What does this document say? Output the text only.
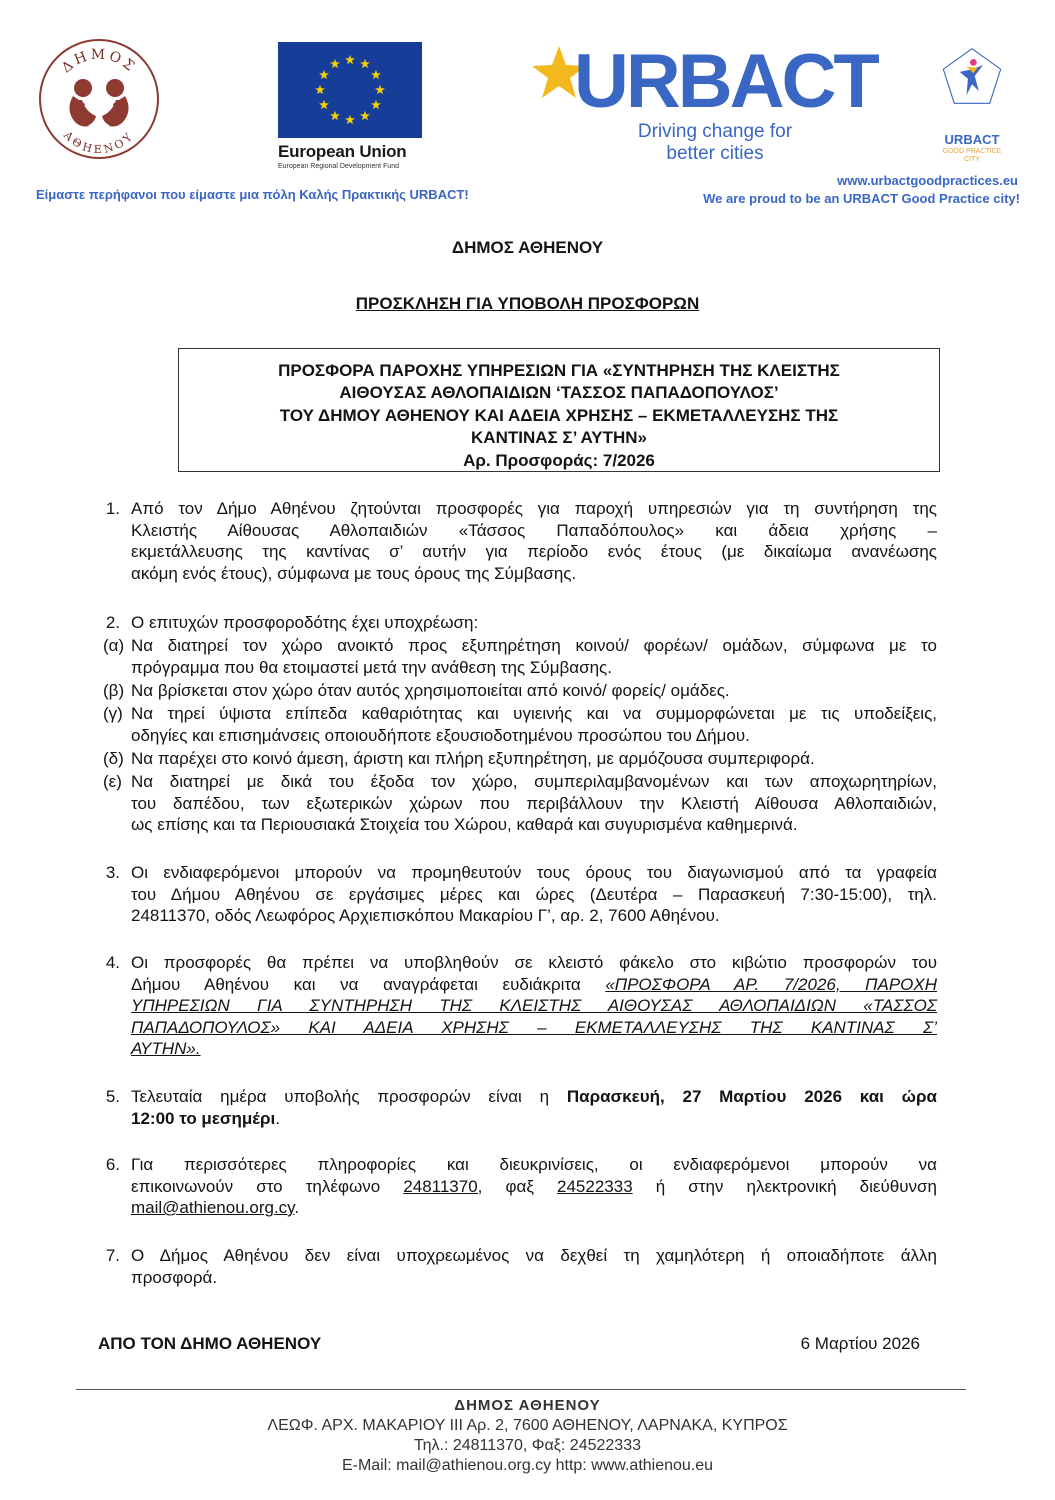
ΔΗΜΟΣ
ΑΘΗΕΝΟΥ
European Union
European Regional Development Fund
URBACT
Driving change for
better cities
URBACT
GOOD PRACTICE
CITY
www.urbactgoodpractices.eu
We are proud to be an URBACT Good Practice city!
Είμαστε περήφανοι που είμαστε μια πόλη Καλής Πρακτικής URBACT!
ΔΗΜΟΣ ΑΘΗΕΝΟΥ
ΠΡΟΣΚΛΗΣΗ ΓΙΑ ΥΠΟΒΟΛΗ ΠΡΟΣΦΟΡΩΝ
ΠΡΟΣΦΟΡΑ ΠΑΡΟΧΗΣ ΥΠΗΡΕΣΙΩΝ ΓΙΑ «ΣΥΝΤΗΡΗΣΗ ΤΗΣ ΚΛΕΙΣΤΗΣ
ΑΙΘΟΥΣΑΣ ΑΘΛΟΠΑΙΔΙΩΝ ‘ΤΑΣΣΟΣ ΠΑΠΑΔΟΠΟΥΛΟΣ’
ΤΟΥ ΔΗΜΟΥ ΑΘΗΕΝΟΥ ΚΑΙ ΑΔΕΙΑ ΧΡΗΣΗΣ – ΕΚΜΕΤΑΛΛΕΥΣΗΣ ΤΗΣ
ΚΑΝΤΙΝΑΣ Σ’ ΑΥΤΗΝ»
Αρ. Προσφοράς: 7/2026
1. Από τον Δήμο Αθηένου ζητούνται προσφορές για παροχή υπηρεσιών για τη συντήρηση της
Κλειστής Αίθουσας Αθλοπαιδιών «Τάσσος Παπαδόπουλος» και άδεια χρήσης –
εκμετάλλευσης της καντίνας σ’ αυτήν για περίοδο ενός έτους (με δικαίωμα ανανέωσης
ακόμη ενός έτους), σύμφωνα με τους όρους της Σύμβασης.
2. Ο επιτυχών προσφοροδότης έχει υποχρέωση:
(α) Να διατηρεί τον χώρο ανοικτό προς εξυπηρέτηση κοινού/ φορέων/ ομάδων, σύμφωνα με το
πρόγραμμα που θα ετοιμαστεί μετά την ανάθεση της Σύμβασης.
(β) Να βρίσκεται στον χώρο όταν αυτός χρησιμοποιείται από κοινό/ φορείς/ ομάδες.
(γ) Να τηρεί ύψιστα επίπεδα καθαριότητας και υγιεινής και να συμμορφώνεται με τις υποδείξεις,
οδηγίες και επισημάνσεις οποιουδήποτε εξουσιοδοτημένου προσώπου του Δήμου.
(δ) Να παρέχει στο κοινό άμεση, άριστη και πλήρη εξυπηρέτηση, με αρμόζουσα συμπεριφορά.
(ε) Να διατηρεί με δικά του έξοδα τον χώρο, συμπεριλαμβανομένων και των αποχωρητηρίων,
του δαπέδου, των εξωτερικών χώρων που περιβάλλουν την Κλειστή Αίθουσα Αθλοπαιδιών,
ως επίσης και τα Περιουσιακά Στοιχεία του Χώρου, καθαρά και συγυρισμένα καθημερινά.
3. Οι ενδιαφερόμενοι μπορούν να προμηθευτούν τους όρους του διαγωνισμού από τα γραφεία
του Δήμου Αθηένου σε εργάσιμες μέρες και ώρες (Δευτέρα – Παρασκευή 7:30-15:00), τηλ.
24811370, οδός Λεωφόρος Αρχιεπισκόπου Μακαρίου Γ’, αρ. 2, 7600 Αθηένου.
4. Οι προσφορές θα πρέπει να υποβληθούν σε κλειστό φάκελο στο κιβώτιο προσφορών του
Δήμου Αθηένου και να αναγράφεται ευδιάκριτα «ΠΡΟΣΦΟΡΑ ΑΡ. 7/2026, ΠΑΡΟΧΗ
ΥΠΗΡΕΣΙΩΝ ΓΙΑ ΣΥΝΤΗΡΗΣΗ ΤΗΣ ΚΛΕΙΣΤΗΣ ΑΙΘΟΥΣΑΣ ΑΘΛΟΠΑΙΔΙΩΝ «ΤΑΣΣΟΣ
ΠΑΠΑΔΟΠΟΥΛΟΣ» ΚΑΙ ΑΔΕΙΑ ΧΡΗΣΗΣ – ΕΚΜΕΤΑΛΛΕΥΣΗΣ ΤΗΣ ΚΑΝΤΙΝΑΣ Σ’
ΑΥΤΗΝ».
5. Τελευταία ημέρα υποβολής προσφορών είναι η Παρασκευή, 27 Μαρτίου 2026 και ώρα
12:00 το μεσημέρι.
6. Για περισσότερες πληροφορίες και διευκρινίσεις, οι ενδιαφερόμενοι μπορούν να
επικοινωνούν στο τηλέφωνο 24811370, φαξ 24522333 ή στην ηλεκτρονική διεύθυνση
mail@athienou.org.cy.
7. Ο Δήμος Αθηένου δεν είναι υποχρεωμένος να δεχθεί τη χαμηλότερη ή οποιαδήποτε άλλη
προσφορά.
ΑΠΟ ΤΟΝ ΔΗΜΟ ΑΘΗΕΝΟΥ	6 Μαρτίου 2026
ΔΗΜΟΣ ΑΘΗΕΝΟΥ
ΛΕΩΦ. ΑΡΧ. ΜΑΚΑΡΙΟΥ ΙΙΙ Αρ. 2, 7600 ΑΘΗΕΝΟΥ, ΛΑΡΝΑΚΑ, ΚΥΠΡΟΣ
Τηλ.: 24811370, Φαξ: 24522333
E-Mail: mail@athienou.org.cy http: www.athienou.eu
